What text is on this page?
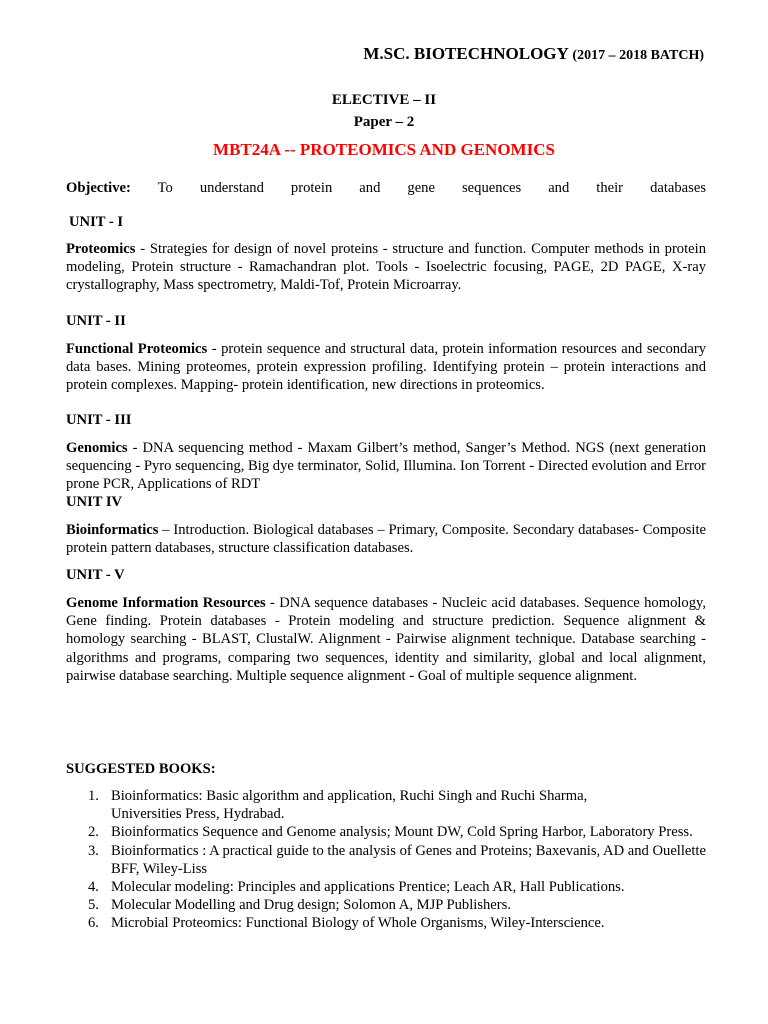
M.SC. BIOTECHNOLOGY (2017 – 2018 BATCH)
ELECTIVE – II
Paper – 2
MBT24A -- PROTEOMICS AND GENOMICS
Objective: To understand protein and gene sequences and their databases
UNIT - I
Proteomics - Strategies for design of novel proteins - structure and function. Computer methods in protein modeling, Protein structure - Ramachandran plot. Tools - Isoelectric focusing, PAGE, 2D PAGE, X-ray crystallography, Mass spectrometry, Maldi-Tof, Protein Microarray.
UNIT - II
Functional Proteomics - protein sequence and structural data, protein information resources and secondary data bases. Mining proteomes, protein expression profiling. Identifying protein – protein interactions and protein complexes. Mapping- protein identification, new directions in proteomics.
UNIT - III
Genomics - DNA sequencing method - Maxam Gilbert’s method, Sanger’s Method. NGS (next generation sequencing - Pyro sequencing, Big dye terminator, Solid, Illumina. Ion Torrent - Directed evolution and Error prone PCR, Applications of RDT
UNIT IV
Bioinformatics – Introduction. Biological databases – Primary, Composite. Secondary databases- Composite protein pattern databases, structure classification databases.
UNIT - V
Genome Information Resources - DNA sequence databases - Nucleic acid databases. Sequence homology, Gene finding. Protein databases - Protein modeling and structure prediction. Sequence alignment & homology searching - BLAST, ClustalW. Alignment - Pairwise alignment technique. Database searching - algorithms and programs, comparing two sequences, identity and similarity, global and local alignment, pairwise database searching. Multiple sequence alignment - Goal of multiple sequence alignment.
SUGGESTED BOOKS:
1. Bioinformatics: Basic algorithm and application, Ruchi Singh and Ruchi Sharma, Universities Press, Hydrabad.
2. Bioinformatics Sequence and Genome analysis; Mount DW, Cold Spring Harbor, Laboratory Press.
3. Bioinformatics : A practical guide to the analysis of Genes and Proteins; Baxevanis, AD and Ouellette BFF, Wiley-Liss
4. Molecular modeling: Principles and applications Prentice; Leach AR, Hall Publications.
5. Molecular Modelling and Drug design; Solomon A, MJP Publishers.
6. Microbial Proteomics: Functional Biology of Whole Organisms, Wiley-Interscience.
